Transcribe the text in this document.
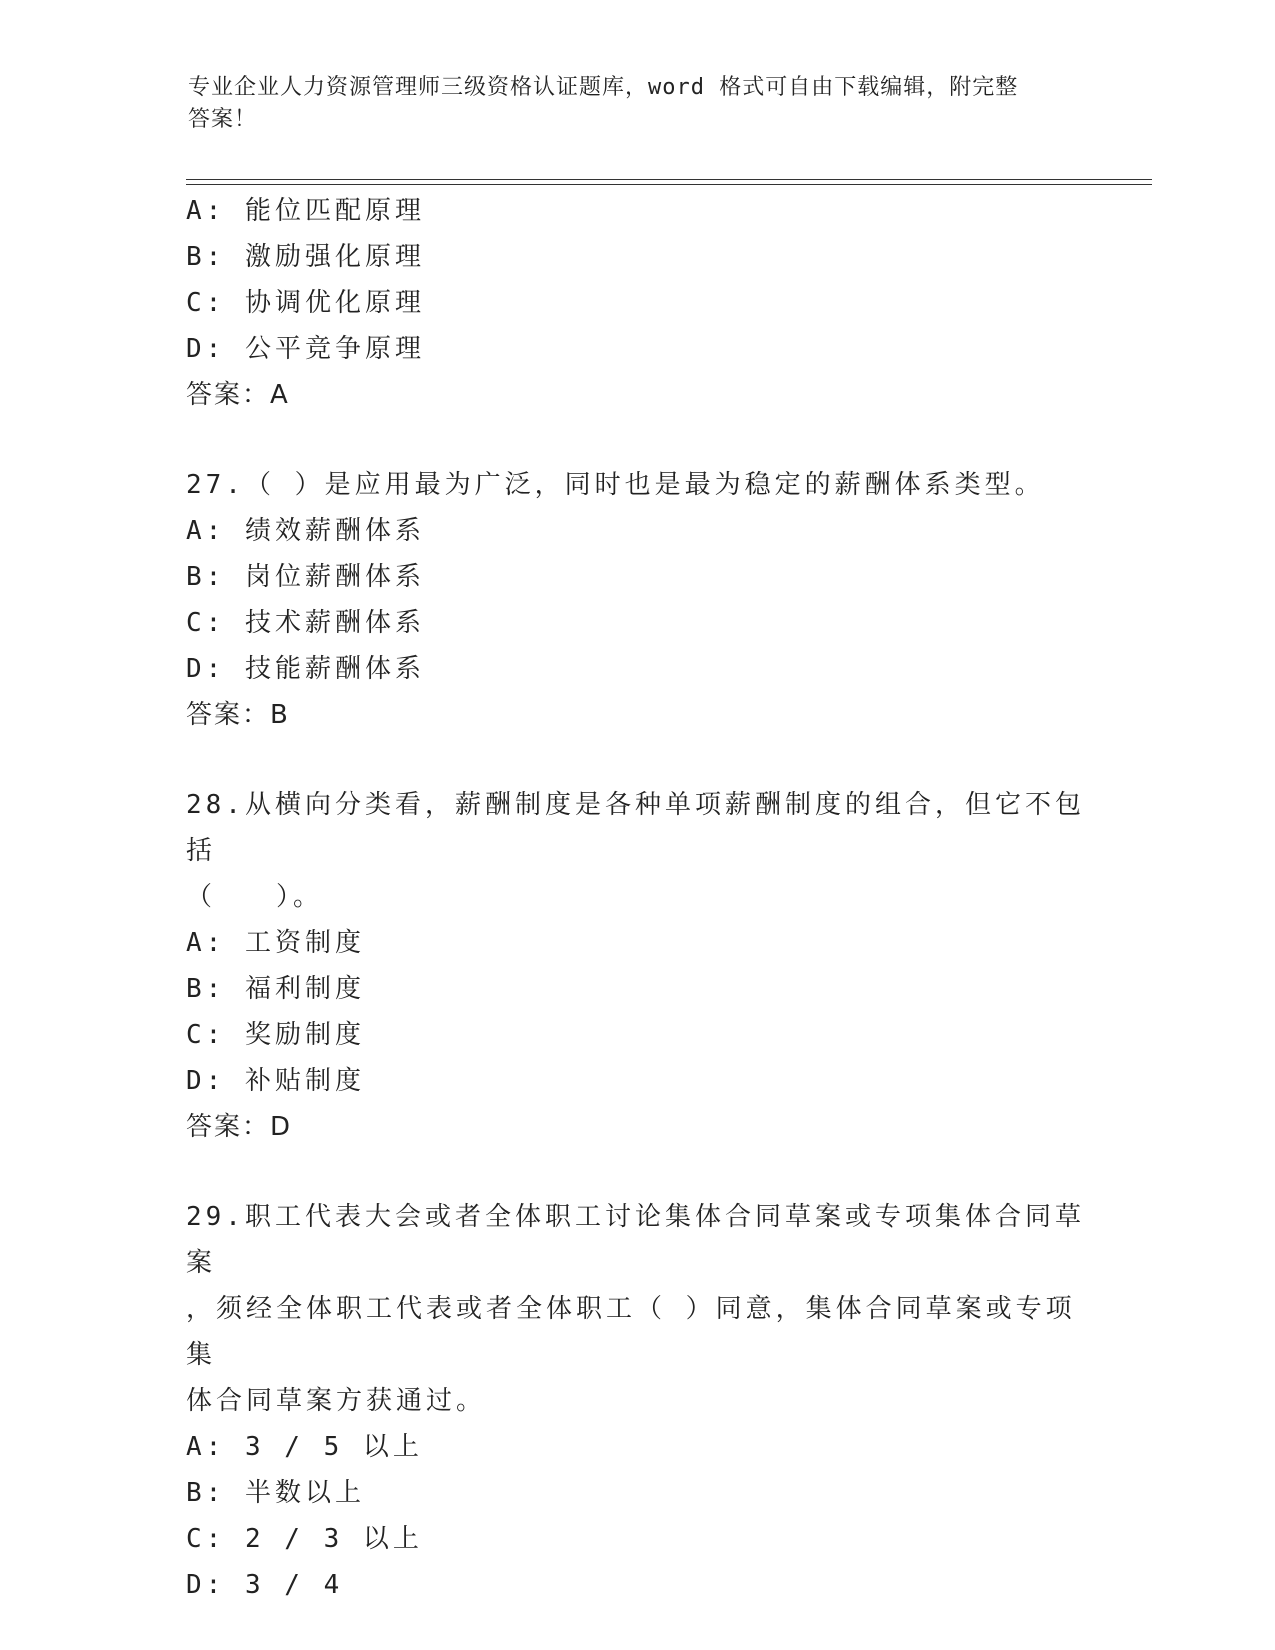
专业企业人力资源管理师三级资格认证题库，word 格式可自由下载编辑，附完整
答案！
A: 能位匹配原理
B: 激励强化原理
C: 协调优化原理
D: 公平竞争原理
答案：A
27.（ ）是应用最为广泛，同时也是最为稳定的薪酬体系类型。
A: 绩效薪酬体系
B: 岗位薪酬体系
C: 技术薪酬体系
D: 技能薪酬体系
答案：B
28.从横向分类看，薪酬制度是各种单项薪酬制度的组合，但它不包括
（　　）。
A: 工资制度
B: 福利制度
C: 奖励制度
D: 补贴制度
答案：D
29.职工代表大会或者全体职工讨论集体合同草案或专项集体合同草案
，须经全体职工代表或者全体职工（ ）同意，集体合同草案或专项集
体合同草案方获通过。
A: 3 / 5 以上
B: 半数以上
C: 2 / 3 以上
D: 3 / 4
